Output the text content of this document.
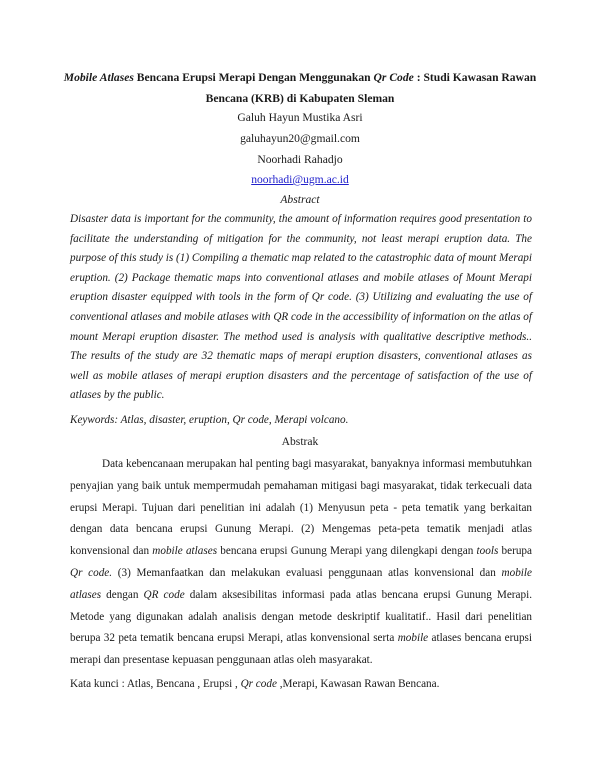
Mobile Atlases Bencana Erupsi Merapi Dengan Menggunakan Qr Code : Studi Kawasan Rawan Bencana (KRB) di Kabupaten Sleman
Galuh Hayun Mustika Asri
galuhayun20@gmail.com
Noorhadi Rahadjo
noorhadi@ugm.ac.id
Abstract
Disaster data is important for the community, the amount of information requires good presentation to facilitate the understanding of mitigation for the community, not least merapi eruption data. The purpose of this study is (1) Compiling a thematic map related to the catastrophic data of mount Merapi eruption. (2) Package thematic maps into conventional atlases and mobile atlases of Mount Merapi eruption disaster equipped with tools in the form of Qr code. (3) Utilizing and evaluating the use of conventional atlases and mobile atlases with QR code in the accessibility of information on the atlas of mount Merapi eruption disaster. The method used is analysis with qualitative descriptive methods.. The results of the study are 32 thematic maps of merapi eruption disasters, conventional atlases as well as mobile atlases of merapi eruption disasters and the percentage of satisfaction of the use of atlases by the public.
Keywords: Atlas, disaster, eruption, Qr code, Merapi volcano.
Abstrak
Data kebencanaan merupakan hal penting bagi masyarakat, banyaknya informasi membutuhkan penyajian yang baik untuk mempermudah pemahaman mitigasi bagi masyarakat, tidak terkecuali data erupsi Merapi. Tujuan dari penelitian ini adalah (1) Menyusun peta - peta tematik yang berkaitan dengan data bencana erupsi Gunung Merapi. (2) Mengemas peta-peta tematik menjadi atlas konvensional dan mobile atlases bencana erupsi Gunung Merapi yang dilengkapi dengan tools berupa Qr code. (3) Memanfaatkan dan melakukan evaluasi penggunaan atlas konvensional dan mobile atlases dengan QR code dalam aksesibilitas informasi pada atlas bencana erupsi Gunung Merapi. Metode yang digunakan adalah analisis dengan metode deskriptif kualitatif.. Hasil dari penelitian berupa 32 peta tematik bencana erupsi Merapi, atlas konvensional serta mobile atlases bencana erupsi merapi dan presentase kepuasan penggunaan atlas oleh masyarakat.
Kata kunci : Atlas, Bencana , Erupsi , Qr code ,Merapi, Kawasan Rawan Bencana.
